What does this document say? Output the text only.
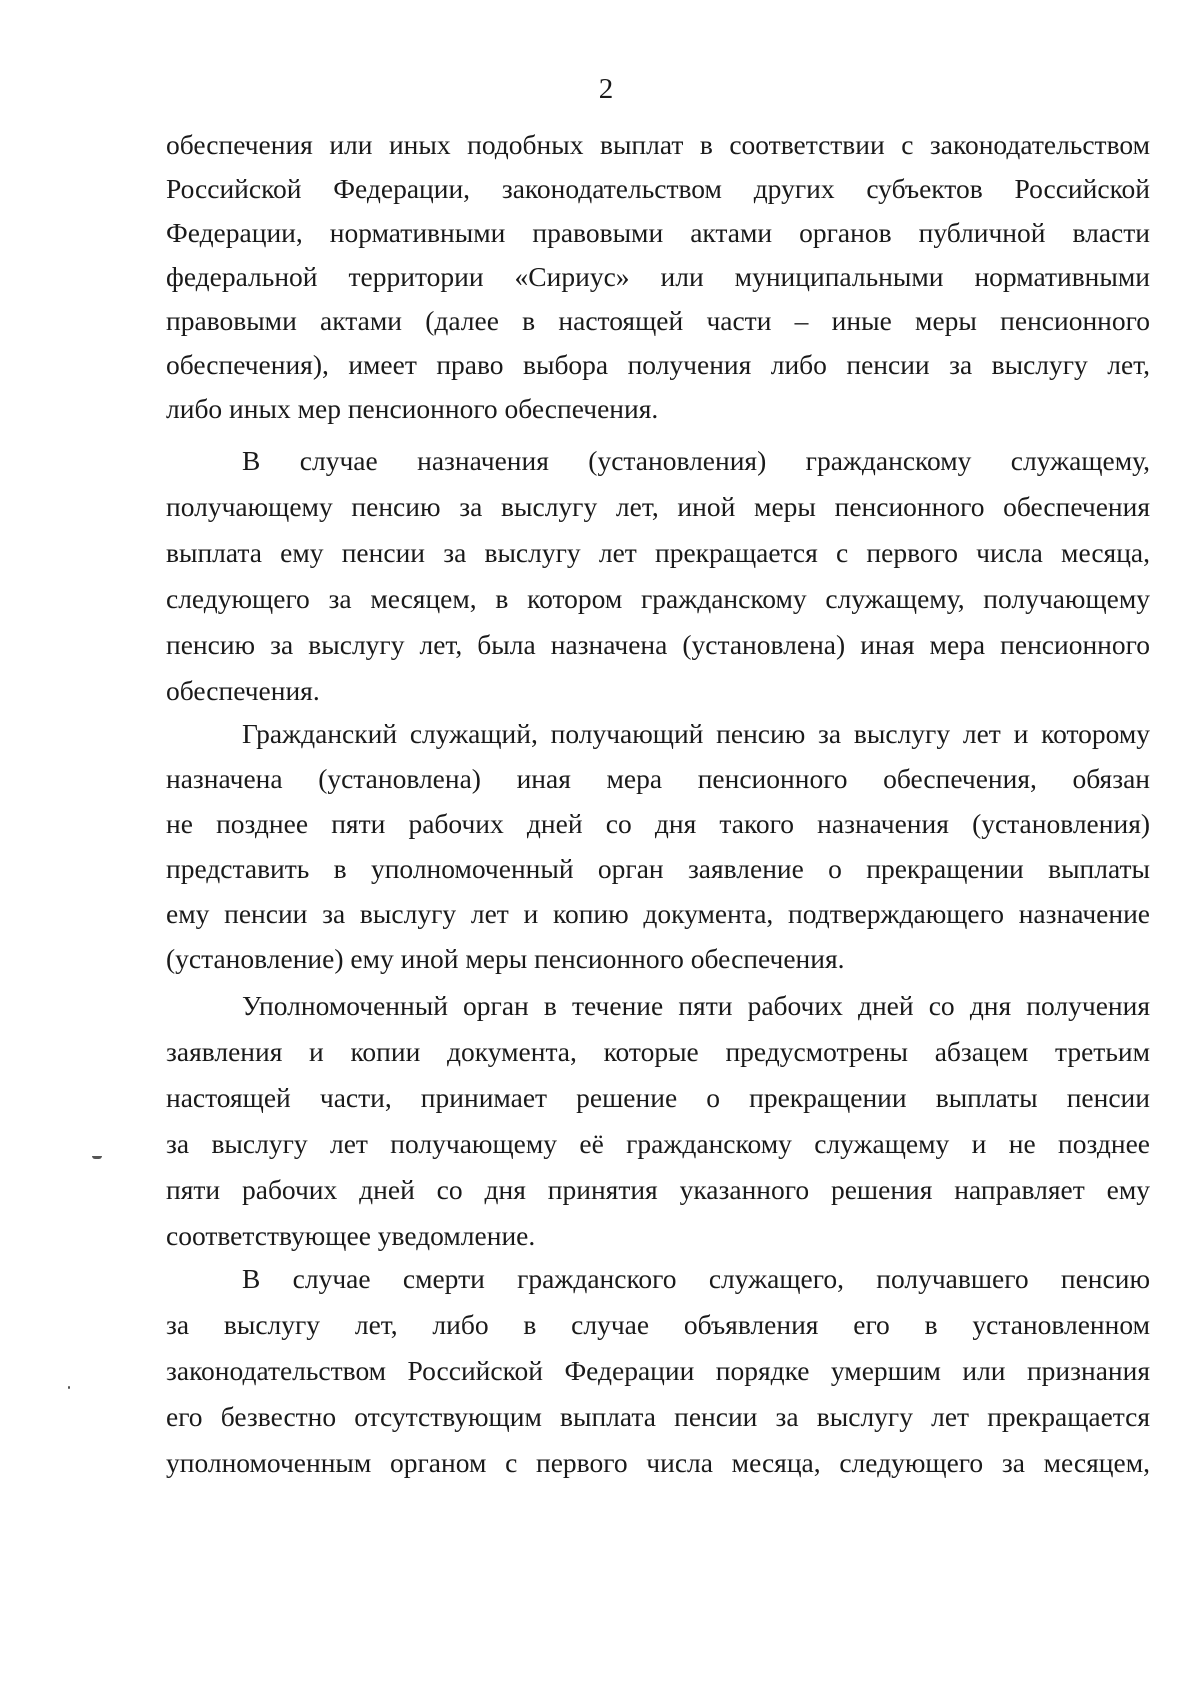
2
обеспечения или иных подобных выплат в соответствии с законодательством
Российской Федерации, законодательством других субъектов Российской
Федерации, нормативными правовыми актами органов публичной власти
федеральной территории «Сириус» или муниципальными нормативными
правовыми актами (далее в настоящей части – иные меры пенсионного
обеспечения), имеет право выбора получения либо пенсии за выслугу лет,
либо иных мер пенсионного обеспечения.
В случае назначения (установления) гражданскому служащему,
получающему пенсию за выслугу лет, иной меры пенсионного обеспечения
выплата ему пенсии за выслугу лет прекращается с первого числа месяца,
следующего за месяцем, в котором гражданскому служащему, получающему
пенсию за выслугу лет, была назначена (установлена) иная мера пенсионного
обеспечения.
Гражданский служащий, получающий пенсию за выслугу лет и которому
назначена (установлена) иная мера пенсионного обеспечения, обязан
не позднее пяти рабочих дней со дня такого назначения (установления)
представить в уполномоченный орган заявление о прекращении выплаты
ему пенсии за выслугу лет и копию документа, подтверждающего назначение
(установление) ему иной меры пенсионного обеспечения.
Уполномоченный орган в течение пяти рабочих дней со дня получения
заявления и копии документа, которые предусмотрены абзацем третьим
настоящей части, принимает решение о прекращении выплаты пенсии
за выслугу лет получающему её гражданскому служащему и не позднее
пяти рабочих дней со дня принятия указанного решения направляет ему
соответствующее уведомление.
В случае смерти гражданского служащего, получавшего пенсию
за выслугу лет, либо в случае объявления его в установленном
законодательством Российской Федерации порядке умершим или признания
его безвестно отсутствующим выплата пенсии за выслугу лет прекращается
уполномоченным органом с первого числа месяца, следующего за месяцем,
